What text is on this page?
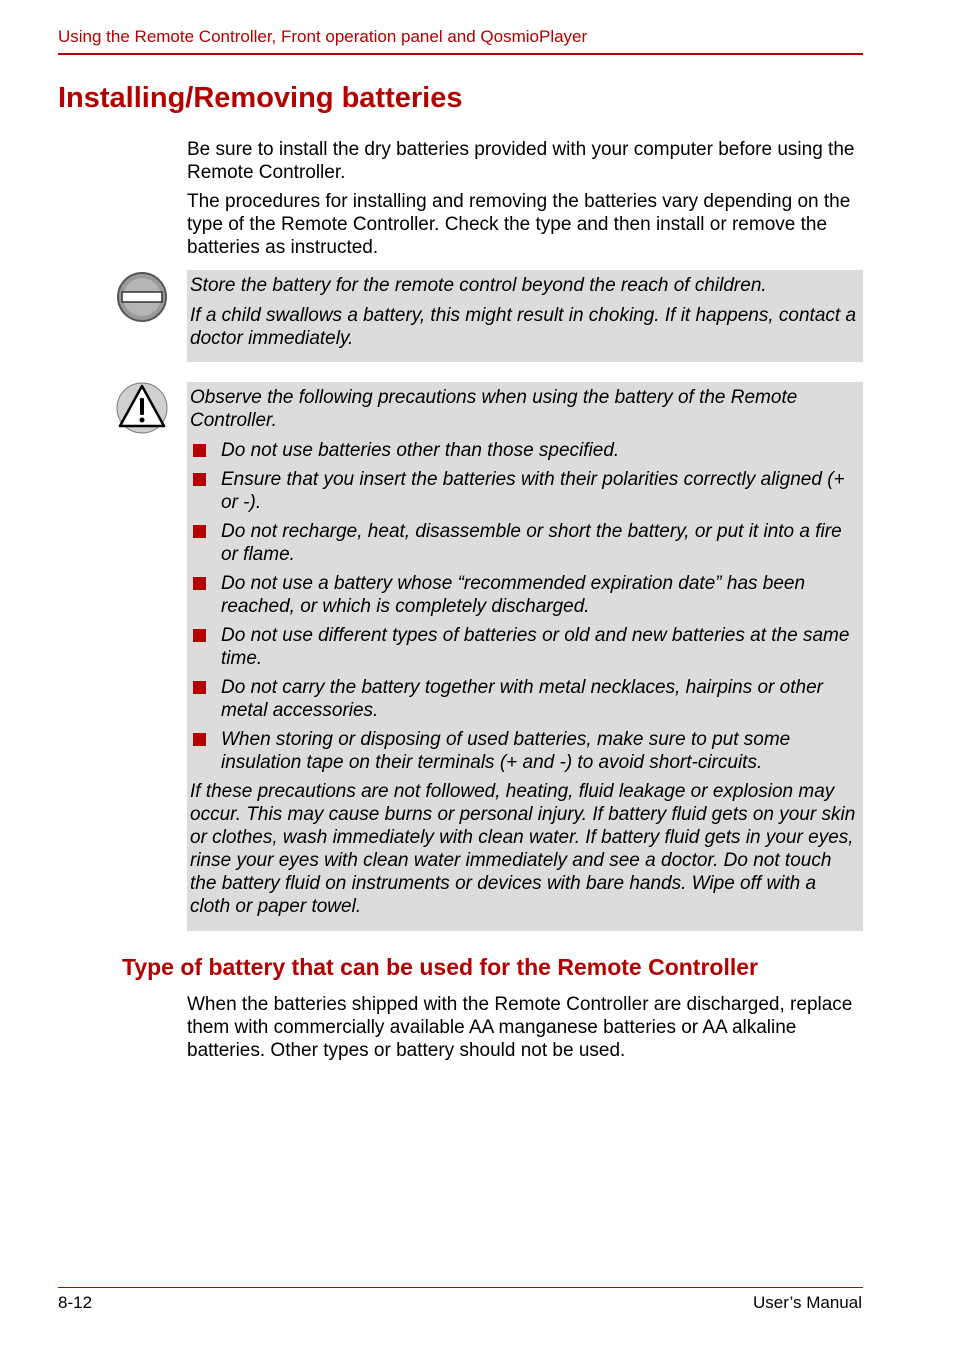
Using the Remote Controller, Front operation panel and QosmioPlayer
Installing/Removing batteries

Be sure to install the dry batteries provided with your computer before using the Remote Controller.

The procedures for installing and removing the batteries vary depending on the type of the Remote Controller. Check the type and then install or remove the batteries as instructed.

Store the battery for the remote control beyond the reach of children.

If a child swallows a battery, this might result in choking. If it happens, contact a doctor immediately.

Observe the following precautions when using the battery of the Remote Controller.

Do not use batteries other than those specified.
Ensure that you insert the batteries with their polarities correctly aligned (+ or -).
Do not recharge, heat, disassemble or short the battery, or put it into a fire or flame.
Do not use a battery whose “recommended expiration date” has been reached, or which is completely discharged.
Do not use different types of batteries or old and new batteries at the same time.
Do not carry the battery together with metal necklaces, hairpins or other metal accessories.
When storing or disposing of used batteries, make sure to put some insulation tape on their terminals (+ and -) to avoid short-circuits.

If these precautions are not followed, heating, fluid leakage or explosion may occur. This may cause burns or personal injury. If battery fluid gets on your skin or clothes, wash immediately with clean water. If battery fluid gets in your eyes, rinse your eyes with clean water immediately and see a doctor. Do not touch the battery fluid on instruments or devices with bare hands. Wipe off with a cloth or paper towel.

Type of battery that can be used for the Remote Controller

When the batteries shipped with the Remote Controller are discharged, replace them with commercially available AA manganese batteries or AA alkaline batteries. Other types or battery should not be used.

8-12	User’s Manual
